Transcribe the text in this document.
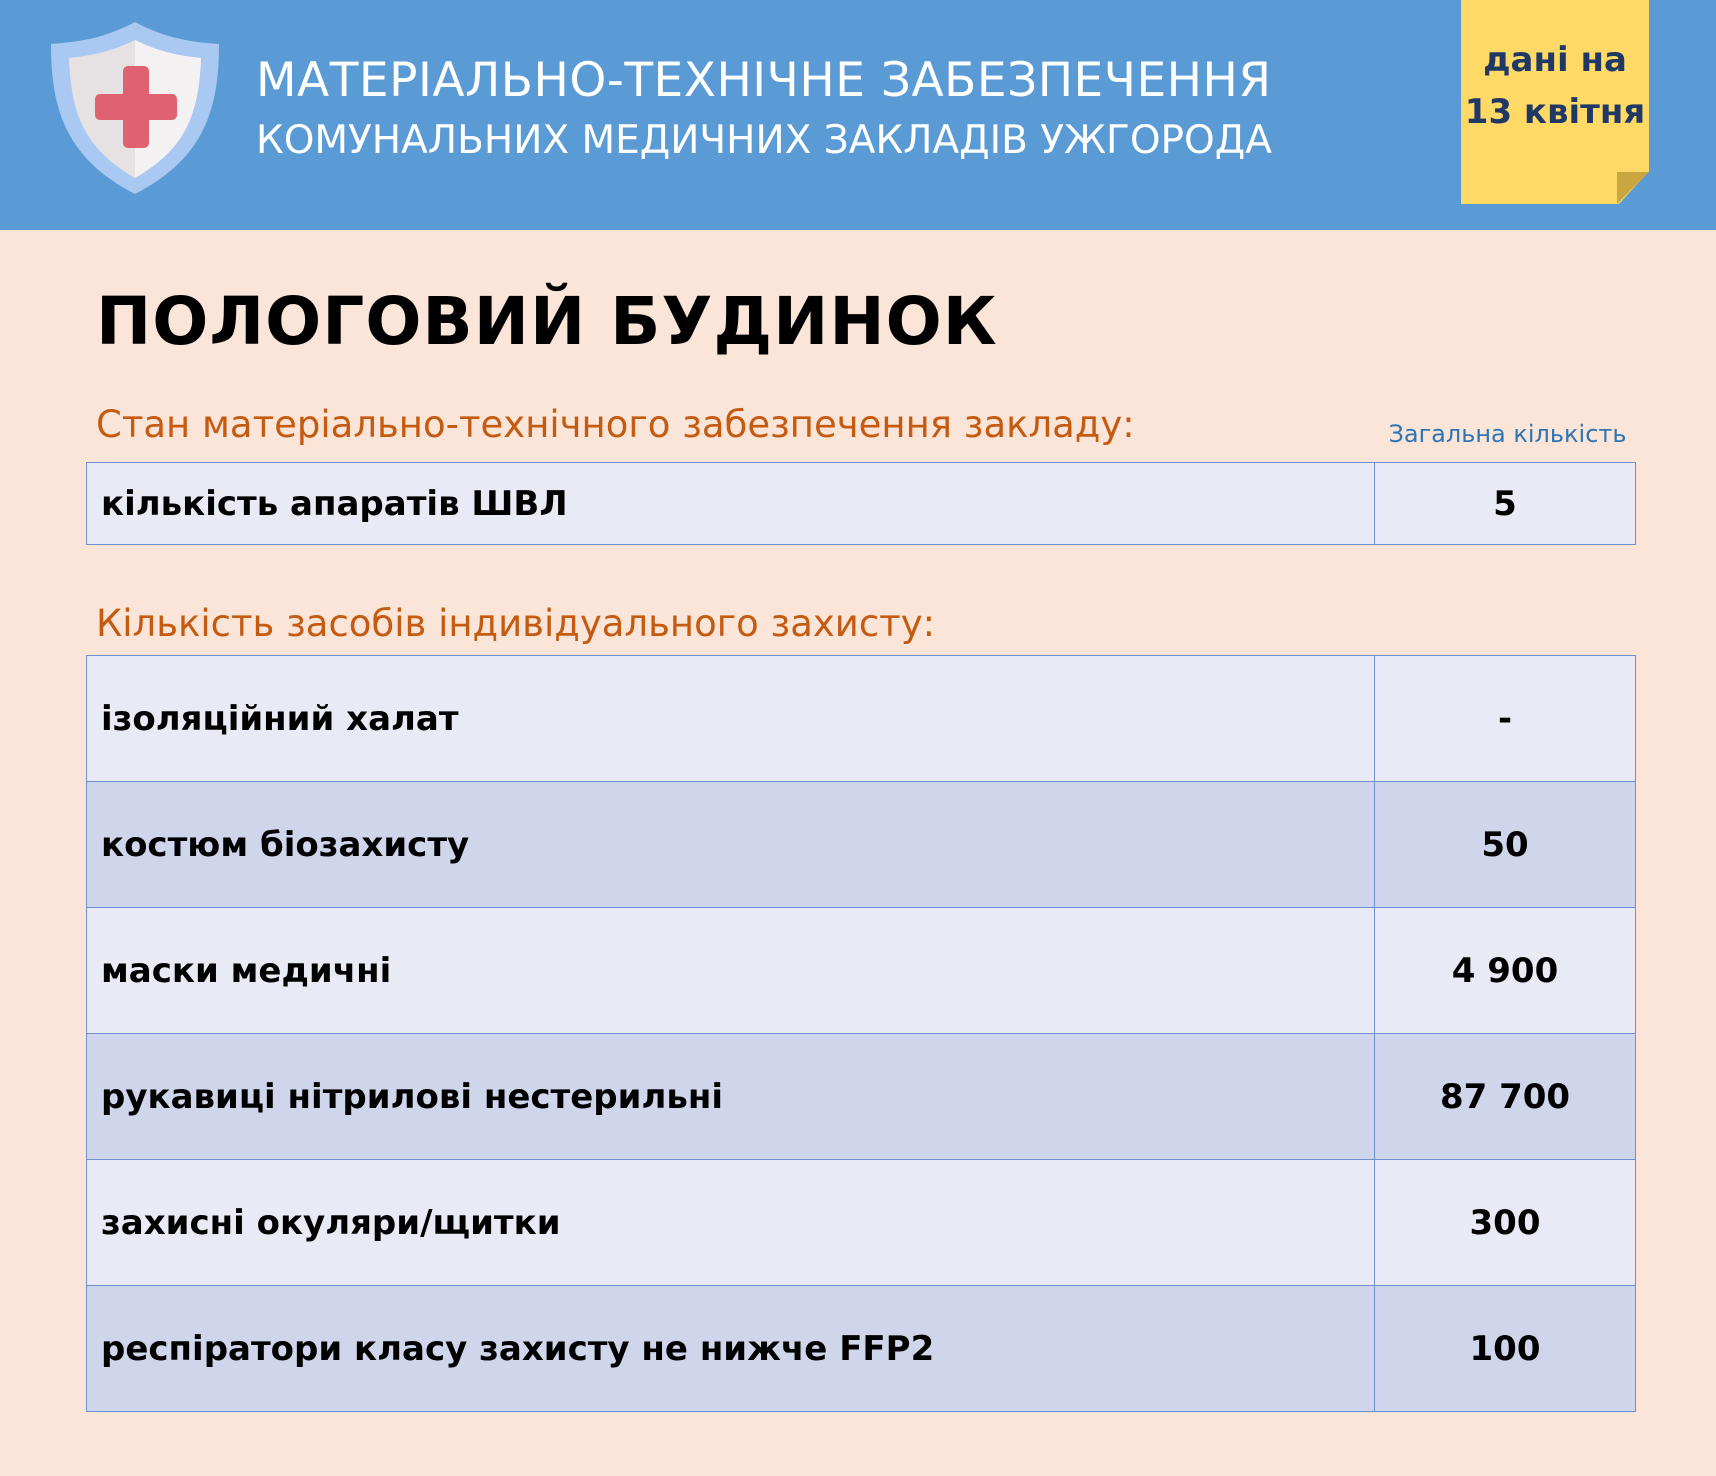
МАТЕРІАЛЬНО-ТЕХНІЧНЕ ЗАБЕЗПЕЧЕННЯ
КОМУНАЛЬНИХ МЕДИЧНИХ ЗАКЛАДІВ УЖГОРОДА
дані на
13 квітня
ПОЛОГОВИЙ БУДИНОК
Стан матеріально-технічного забезпечення закладу:	Загальна кількість
кількість апаратів ШВЛ	5
Кількість засобів індивідуального захисту:
ізоляційний халат	-
костюм біозахисту	50
маски медичні	4 900
рукавиці нітрилові нестерильні	87 700
захисні окуляри/щитки	300
респіратори класу захисту не нижче FFP2	100
